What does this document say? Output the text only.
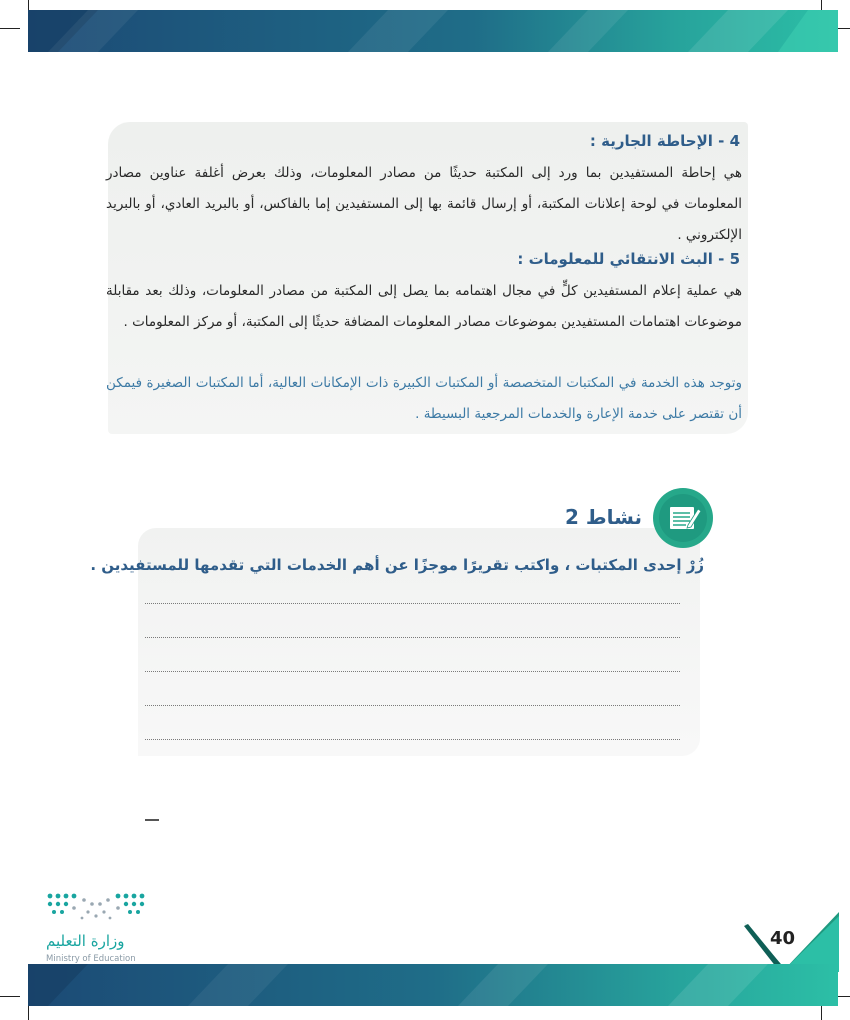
4 - الإحاطة الجارية :
هي إحاطة المستفيدين بما ورد إلى المكتبة حديثًا من مصادر المعلومات، وذلك بعرض أغلفة عناوين مصادر المعلومات في لوحة إعلانات المكتبة، أو إرسال قائمة بها إلى المستفيدين إما بالفاكس، أو بالبريد العادي، أو بالبريد الإلكتروني .
5 - البث الانتقائي للمعلومات :
هي عملية إعلام المستفيدين كلٍّ في مجال اهتمامه بما يصل إلى المكتبة من مصادر المعلومات، وذلك بعد مقابلة موضوعات اهتمامات المستفيدين بموضوعات مصادر المعلومات المضافة حديثًا إلى المكتبة، أو مركز المعلومات .
وتوجد هذه الخدمة في المكتبات المتخصصة أو المكتبات الكبيرة ذات الإمكانات العالية، أما المكتبات الصغيرة فيمكن أن تقتصر على خدمة الإعارة والخدمات المرجعية البسيطة .
نشاط 2
زُرْ إحدى المكتبات ، واكتب تقريرًا موجزًا عن أهم الخدمات التي تقدمها للمستفيدين .
وزارة التعليم
Ministry of Education
40
